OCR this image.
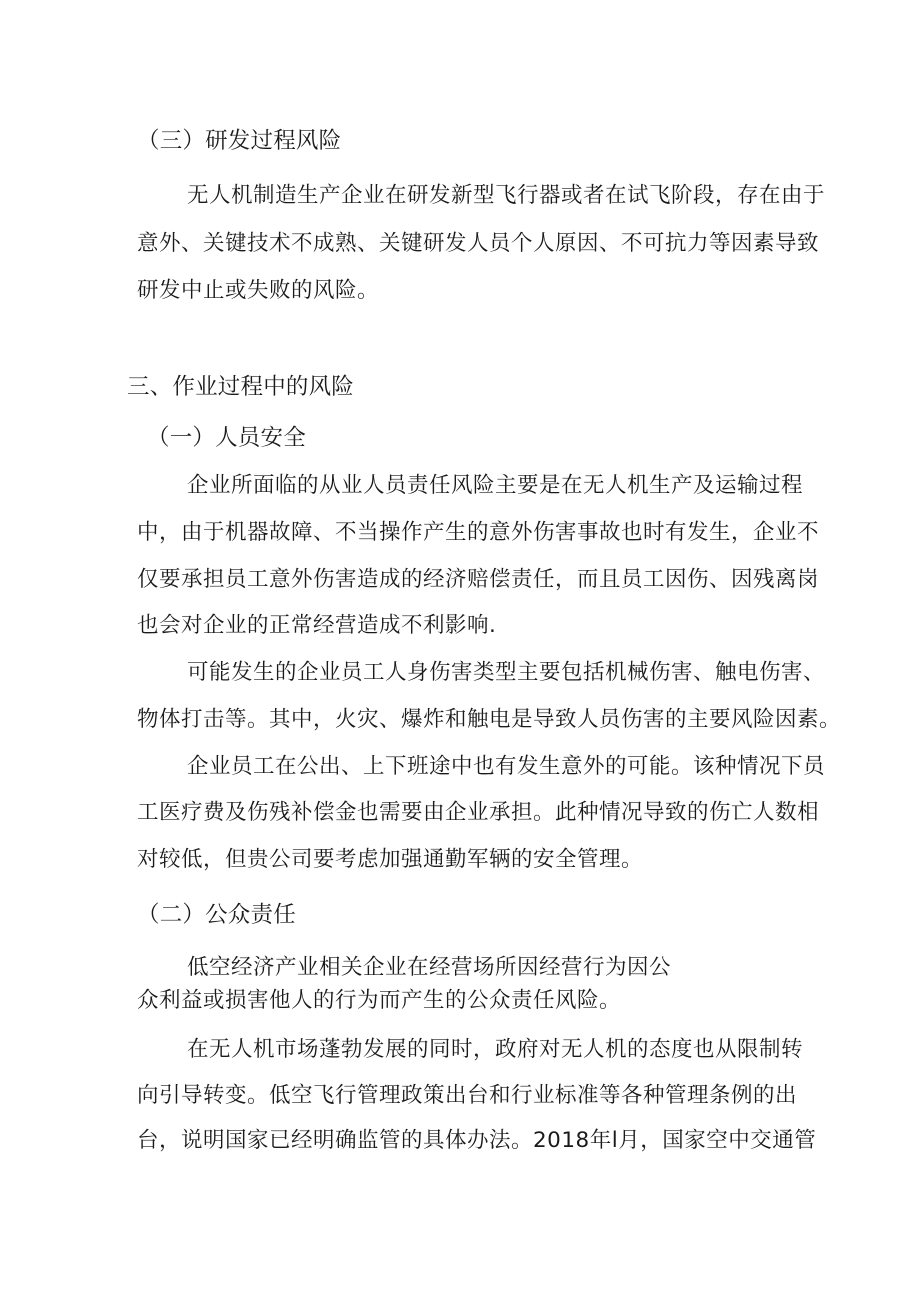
（三）研发过程风险
无人机制造生产企业在研发新型飞行器或者在试飞阶段，存在由于
意外、关键技术不成熟、关键研发人员个人原因、不可抗力等因素导致
研发中止或失败的风险。
三、作业过程中的风险
（一）人员安全
企业所面临的从业人员责任风险主要是在无人机生产及运输过程
中，由于机器故障、不当操作产生的意外伤害事故也时有发生，企业不
仅要承担员工意外伤害造成的经济赔偿责任，而且员工因伤、因残离岗
也会对企业的正常经营造成不利影响.
可能发生的企业员工人身伤害类型主要包括机械伤害、触电伤害、
物体打击等。其中，火灾、爆炸和触电是导致人员伤害的主要风险因素。
企业员工在公出、上下班途中也有发生意外的可能。该种情况下员
工医疗费及伤残补偿金也需要由企业承担。此种情况导致的伤亡人数相
对较低，但贵公司要考虑加强通勤军辆的安全管理。
（二）公众责任
低空经济产业相关企业在经营场所因经营行为因公
众利益或损害他人的行为而产生的公众责任风险。
在无人机市场蓬勃发展的同时，政府对无人机的态度也从限制转
向引导转变。低空飞行管理政策出台和行业标准等各种管理条例的出
台，说明国家已经明确监管的具体办法。2018年l月，国家空中交通管
